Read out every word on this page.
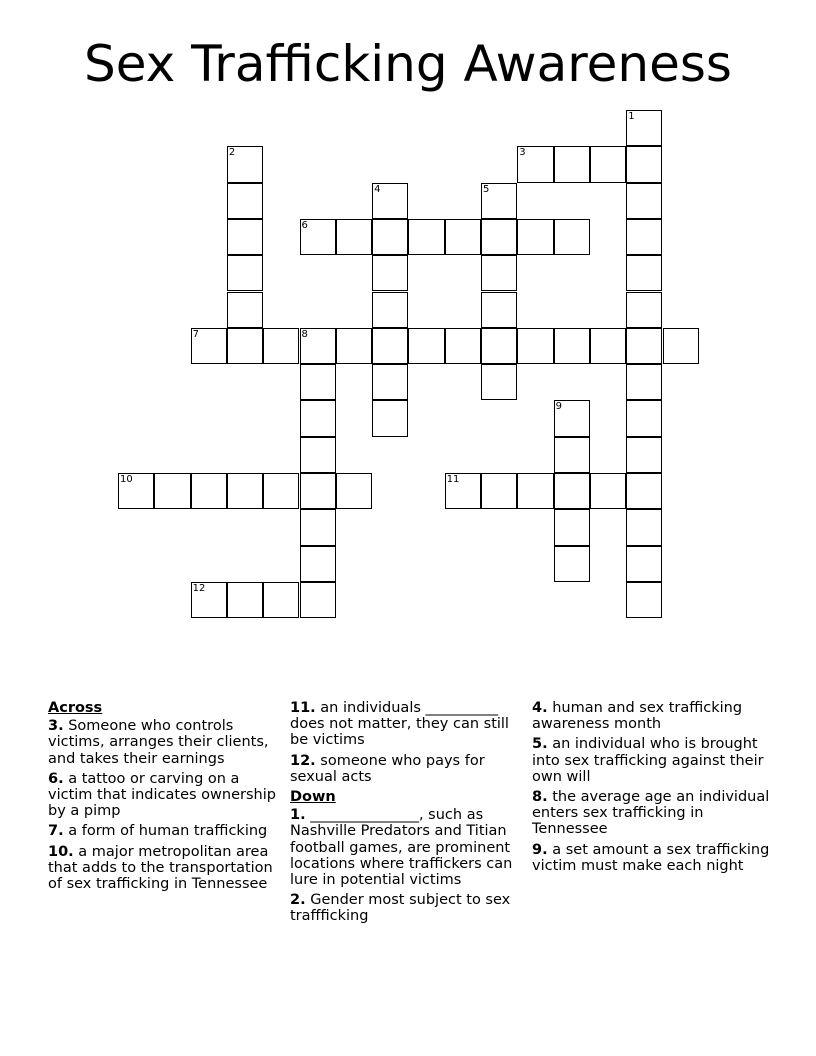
Sex Trafficking Awareness
1
2	3
4	5
6
7	8
9
10	11
12
Across

3. Someone who controls victims, arranges their clients, and takes their earnings

6. a tattoo or carving on a victim that indicates ownership by a pimp

7. a form of human trafficking

10. a major metropolitan area that adds to the transportation of sex trafficking in Tennessee

11. an individuals __________ does not matter, they can still be victims

12. someone who pays for sexual acts

Down

1. _______________, such as Nashville Predators and Titian football games, are prominent locations where traffickers can lure in potential victims

2. Gender most subject to sex traffficking

4. human and sex trafficking awareness month

5. an individual who is brought into sex trafficking against their own will

8. the average age an individual enters sex trafficking in Tennessee

9. a set amount a sex trafficking victim must make each night
